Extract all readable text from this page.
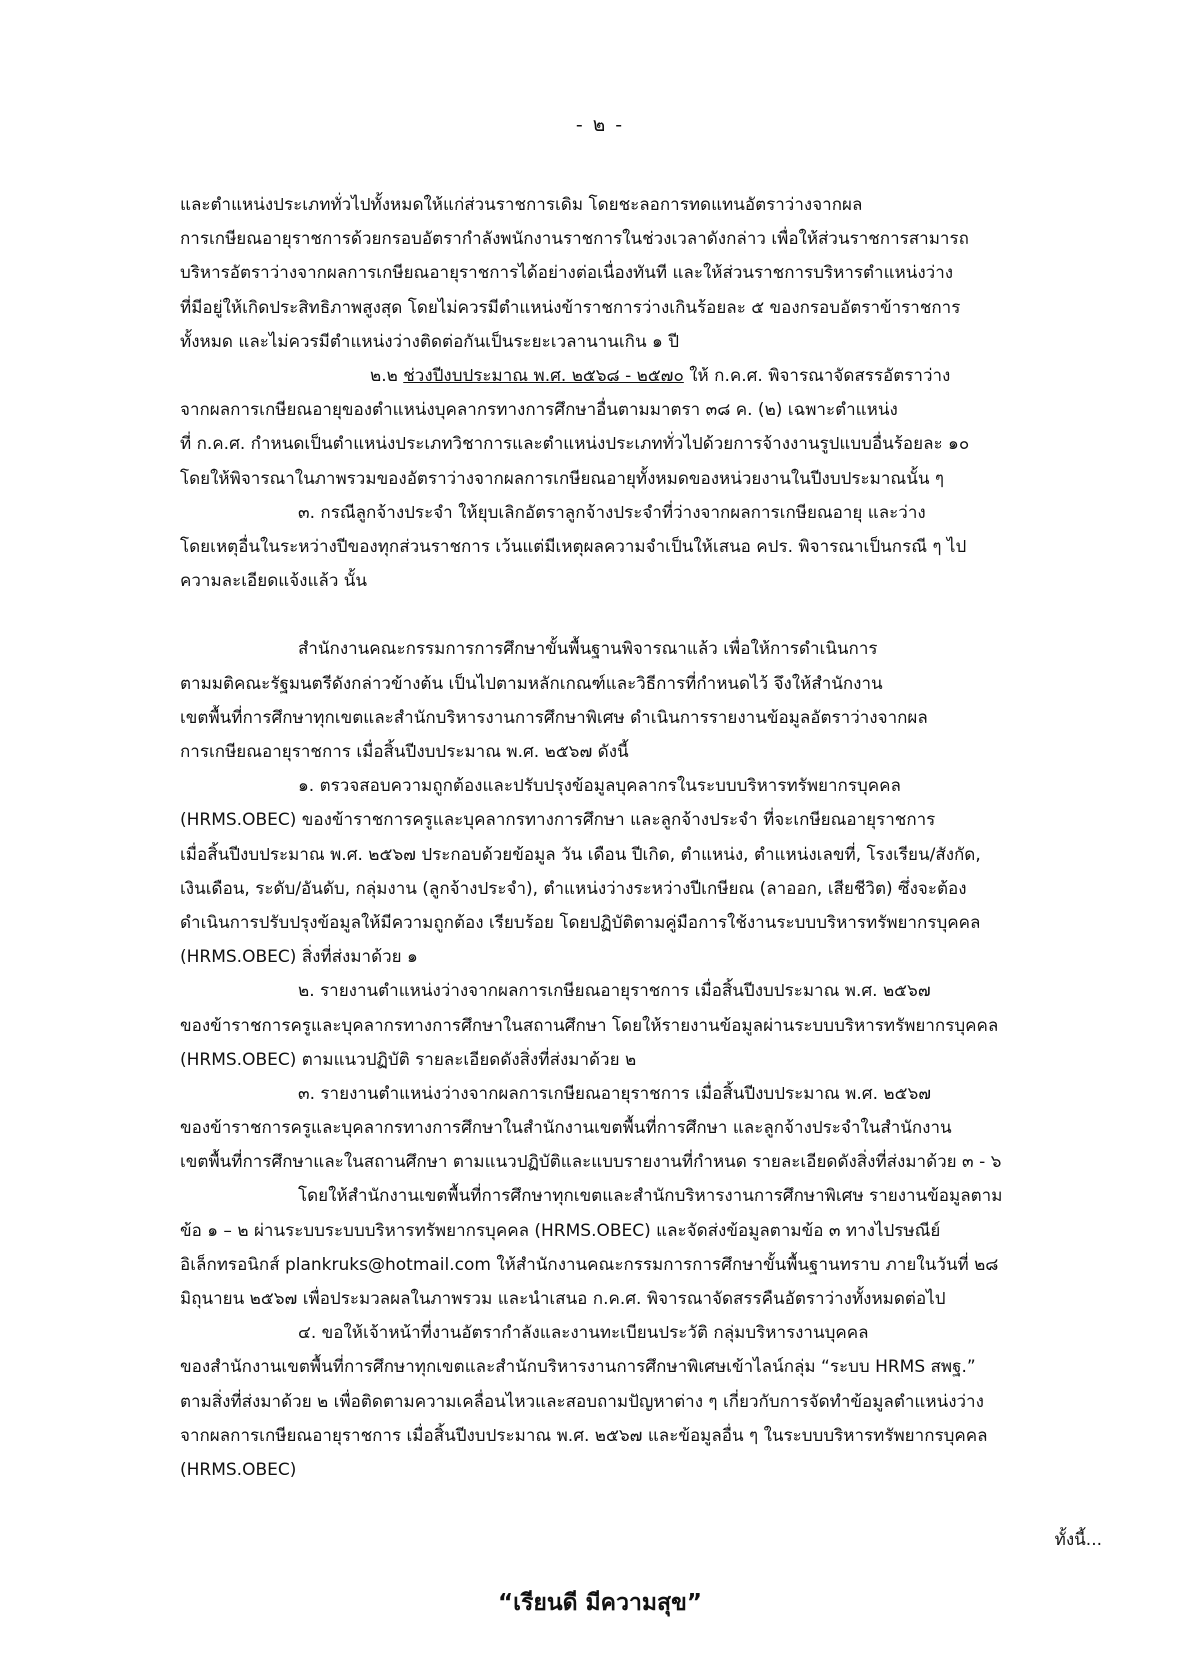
- ๒ -
และตำแหน่งประเภททั่วไปทั้งหมดให้แก่ส่วนราชการเดิม โดยชะลอการทดแทนอัตราว่างจากผล
การเกษียณอายุราชการด้วยกรอบอัตรากำลังพนักงานราชการในช่วงเวลาดังกล่าว เพื่อให้ส่วนราชการสามารถ
บริหารอัตราว่างจากผลการเกษียณอายุราชการได้อย่างต่อเนื่องทันที และให้ส่วนราชการบริหารตำแหน่งว่าง
ที่มีอยู่ให้เกิดประสิทธิภาพสูงสุด โดยไม่ควรมีตำแหน่งข้าราชการว่างเกินร้อยละ ๕ ของกรอบอัตราข้าราชการ
ทั้งหมด และไม่ควรมีตำแหน่งว่างติดต่อกันเป็นระยะเวลานานเกิน ๑ ปี
๒.๒ ช่วงปีงบประมาณ พ.ศ. ๒๕๖๘ - ๒๕๗๐ ให้ ก.ค.ศ. พิจารณาจัดสรรอัตราว่าง
จากผลการเกษียณอายุของตำแหน่งบุคลากรทางการศึกษาอื่นตามมาตรา ๓๘ ค. (๒) เฉพาะตำแหน่ง
ที่ ก.ค.ศ. กำหนดเป็นตำแหน่งประเภทวิชาการและตำแหน่งประเภททั่วไปด้วยการจ้างงานรูปแบบอื่นร้อยละ ๑๐
โดยให้พิจารณาในภาพรวมของอัตราว่างจากผลการเกษียณอายุทั้งหมดของหน่วยงานในปีงบประมาณนั้น ๆ
๓. กรณีลูกจ้างประจำ ให้ยุบเลิกอัตราลูกจ้างประจำที่ว่างจากผลการเกษียณอายุ และว่าง
โดยเหตุอื่นในระหว่างปีของทุกส่วนราชการ เว้นแต่มีเหตุผลความจำเป็นให้เสนอ คปร. พิจารณาเป็นกรณี ๆ ไป
ความละเอียดแจ้งแล้ว นั้น
สำนักงานคณะกรรมการการศึกษาขั้นพื้นฐานพิจารณาแล้ว เพื่อให้การดำเนินการ
ตามมติคณะรัฐมนตรีดังกล่าวข้างต้น เป็นไปตามหลักเกณฑ์และวิธีการที่กำหนดไว้ จึงให้สำนักงาน
เขตพื้นที่การศึกษาทุกเขตและสำนักบริหารงานการศึกษาพิเศษ ดำเนินการรายงานข้อมูลอัตราว่างจากผล
การเกษียณอายุราชการ เมื่อสิ้นปีงบประมาณ พ.ศ. ๒๕๖๗ ดังนี้
๑. ตรวจสอบความถูกต้องและปรับปรุงข้อมูลบุคลากรในระบบบริหารทรัพยากรบุคคล
(HRMS.OBEC) ของข้าราชการครูและบุคลากรทางการศึกษา และลูกจ้างประจำ ที่จะเกษียณอายุราชการ
เมื่อสิ้นปีงบประมาณ พ.ศ. ๒๕๖๗ ประกอบด้วยข้อมูล วัน เดือน ปีเกิด, ตำแหน่ง, ตำแหน่งเลขที่, โรงเรียน/สังกัด,
เงินเดือน, ระดับ/อันดับ, กลุ่มงาน (ลูกจ้างประจำ), ตำแหน่งว่างระหว่างปีเกษียณ (ลาออก, เสียชีวิต) ซึ่งจะต้อง
ดำเนินการปรับปรุงข้อมูลให้มีความถูกต้อง เรียบร้อย โดยปฏิบัติตามคู่มือการใช้งานระบบบริหารทรัพยากรบุคคล
(HRMS.OBEC) สิ่งที่ส่งมาด้วย ๑
๒. รายงานตำแหน่งว่างจากผลการเกษียณอายุราชการ เมื่อสิ้นปีงบประมาณ พ.ศ. ๒๕๖๗
ของข้าราชการครูและบุคลากรทางการศึกษาในสถานศึกษา โดยให้รายงานข้อมูลผ่านระบบบริหารทรัพยากรบุคคล
(HRMS.OBEC) ตามแนวปฏิบัติ รายละเอียดดังสิ่งที่ส่งมาด้วย ๒
๓. รายงานตำแหน่งว่างจากผลการเกษียณอายุราชการ เมื่อสิ้นปีงบประมาณ พ.ศ. ๒๕๖๗
ของข้าราชการครูและบุคลากรทางการศึกษาในสำนักงานเขตพื้นที่การศึกษา และลูกจ้างประจำในสำนักงาน
เขตพื้นที่การศึกษาและในสถานศึกษา ตามแนวปฏิบัติและแบบรายงานที่กำหนด รายละเอียดดังสิ่งที่ส่งมาด้วย ๓ - ๖
โดยให้สำนักงานเขตพื้นที่การศึกษาทุกเขตและสำนักบริหารงานการศึกษาพิเศษ รายงานข้อมูลตาม
ข้อ ๑ – ๒ ผ่านระบบระบบบริหารทรัพยากรบุคคล (HRMS.OBEC) และจัดส่งข้อมูลตามข้อ ๓ ทางไปรษณีย์
อิเล็กทรอนิกส์ plankruks@hotmail.com ให้สำนักงานคณะกรรมการการศึกษาขั้นพื้นฐานทราบ ภายในวันที่ ๒๘
มิถุนายน ๒๕๖๗ เพื่อประมวลผลในภาพรวม และนำเสนอ ก.ค.ศ. พิจารณาจัดสรรคืนอัตราว่างทั้งหมดต่อไป
๔. ขอให้เจ้าหน้าที่งานอัตรากำลังและงานทะเบียนประวัติ กลุ่มบริหารงานบุคคล
ของสำนักงานเขตพื้นที่การศึกษาทุกเขตและสำนักบริหารงานการศึกษาพิเศษเข้าไลน์กลุ่ม “ระบบ HRMS สพฐ.”
ตามสิ่งที่ส่งมาด้วย ๒ เพื่อติดตามความเคลื่อนไหวและสอบถามปัญหาต่าง ๆ เกี่ยวกับการจัดทำข้อมูลตำแหน่งว่าง
จากผลการเกษียณอายุราชการ เมื่อสิ้นปีงบประมาณ พ.ศ. ๒๕๖๗ และข้อมูลอื่น ๆ ในระบบบริหารทรัพยากรบุคคล
(HRMS.OBEC)
ทั้งนี้...
“เรียนดี มีความสุข”
